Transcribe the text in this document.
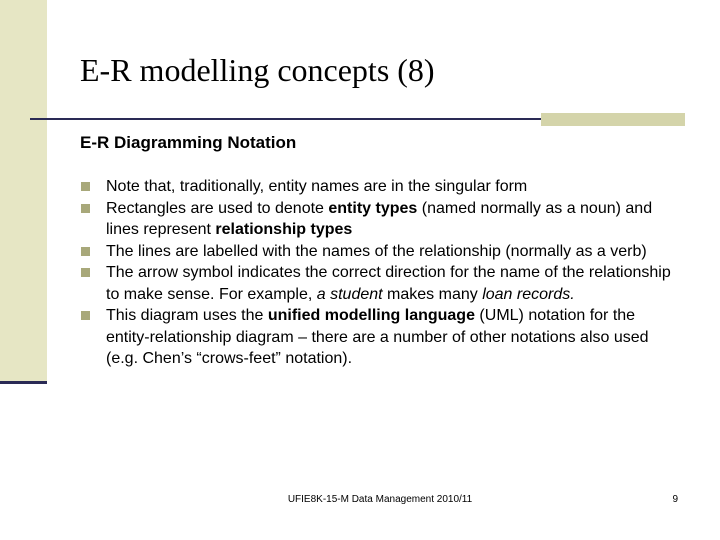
E-R modelling concepts (8)
E-R Diagramming Notation
Note that, traditionally, entity names are in the singular form
Rectangles are used to denote entity types (named normally as a noun) and lines represent relationship types
The lines are labelled with the names of the relationship (normally as a verb)
The arrow symbol indicates the correct direction for the name of the relationship to make sense. For example, a student makes many loan records.
This diagram uses the unified modelling language (UML) notation for the entity-relationship diagram – there are a number of other notations also used (e.g. Chen’s “crows-feet” notation).
UFIE8K-15-M Data Management 2010/11	9
